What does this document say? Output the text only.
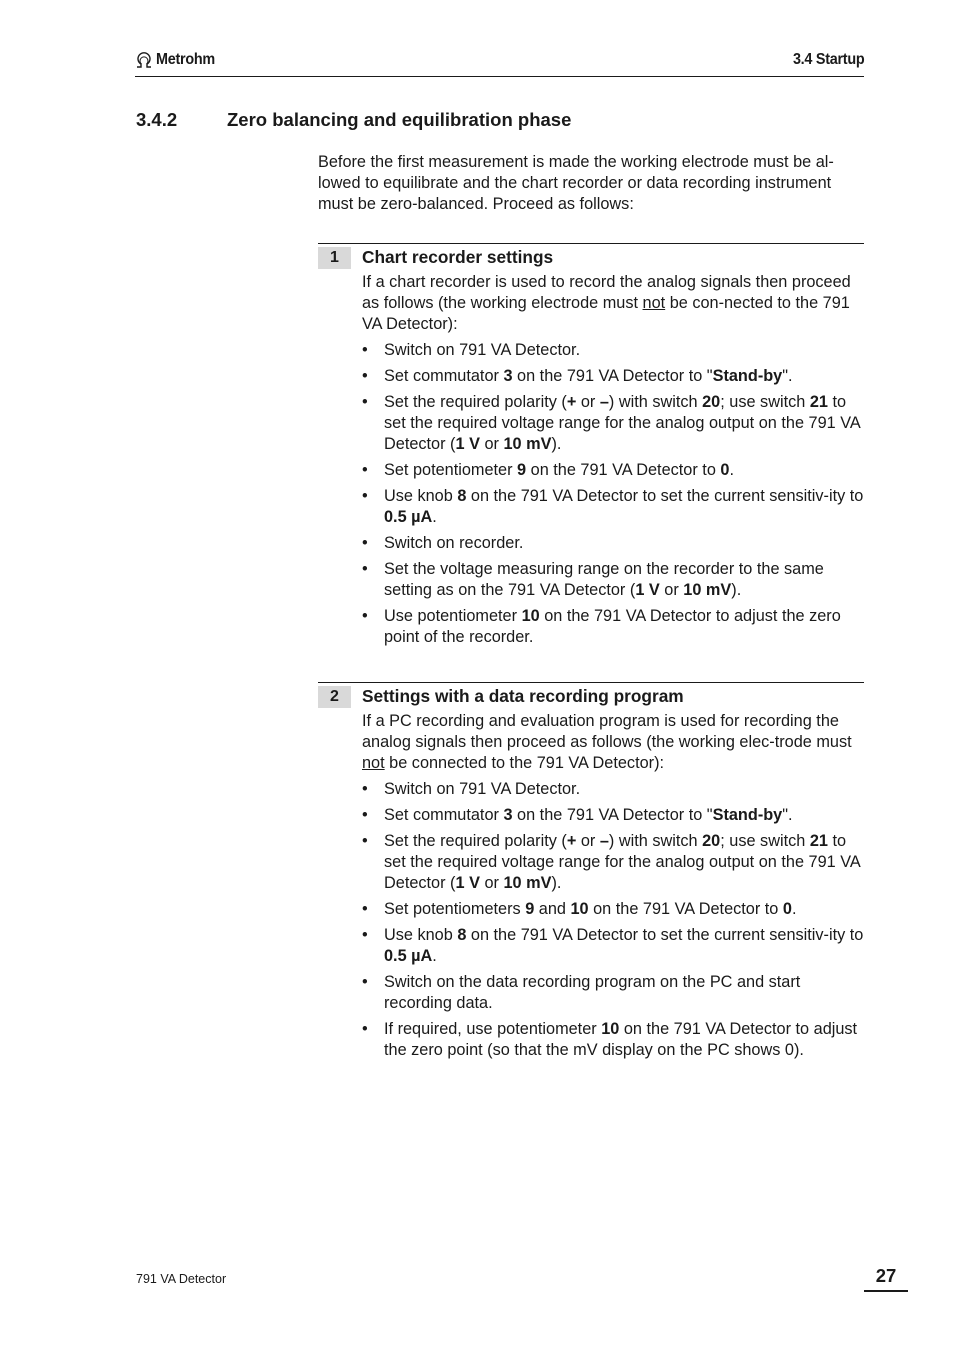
Metrohm	3.4 Startup
3.4.2	Zero balancing and equilibration phase
Before the first measurement is made the working electrode must be al-lowed to equilibrate and the chart recorder or data recording instrument must be zero-balanced. Proceed as follows:
1	Chart recorder settings
If a chart recorder is used to record the analog signals then proceed as follows (the working electrode must not be con-nected to the 791 VA Detector):
• Switch on 791 VA Detector.
• Set commutator 3 on the 791 VA Detector to "Stand-by".
• Set the required polarity (+ or –) with switch 20; use switch 21 to set the required voltage range for the analog output on the 791 VA Detector (1 V or 10 mV).
• Set potentiometer 9 on the 791 VA Detector to 0.
• Use knob 8 on the 791 VA Detector to set the current sensitiv-ity to 0.5 µA.
• Switch on recorder.
• Set the voltage measuring range on the recorder to the same setting as on the 791 VA Detector (1 V or 10 mV).
• Use potentiometer 10 on the 791 VA Detector to adjust the zero point of the recorder.
2	Settings with a data recording program
If a PC recording and evaluation program is used for recording the analog signals then proceed as follows (the working elec-trode must not be connected to the 791 VA Detector):
• Switch on 791 VA Detector.
• Set commutator 3 on the 791 VA Detector to "Stand-by".
• Set the required polarity (+ or –) with switch 20; use switch 21 to set the required voltage range for the analog output on the 791 VA Detector (1 V or 10 mV).
• Set potentiometers 9 and 10 on the 791 VA Detector to 0.
• Use knob 8 on the 791 VA Detector to set the current sensitiv-ity to 0.5 µA.
• Switch on the data recording program on the PC and start recording data.
• If required, use potentiometer 10 on the 791 VA Detector to adjust the zero point (so that the mV display on the PC shows 0).
791 VA Detector	27
